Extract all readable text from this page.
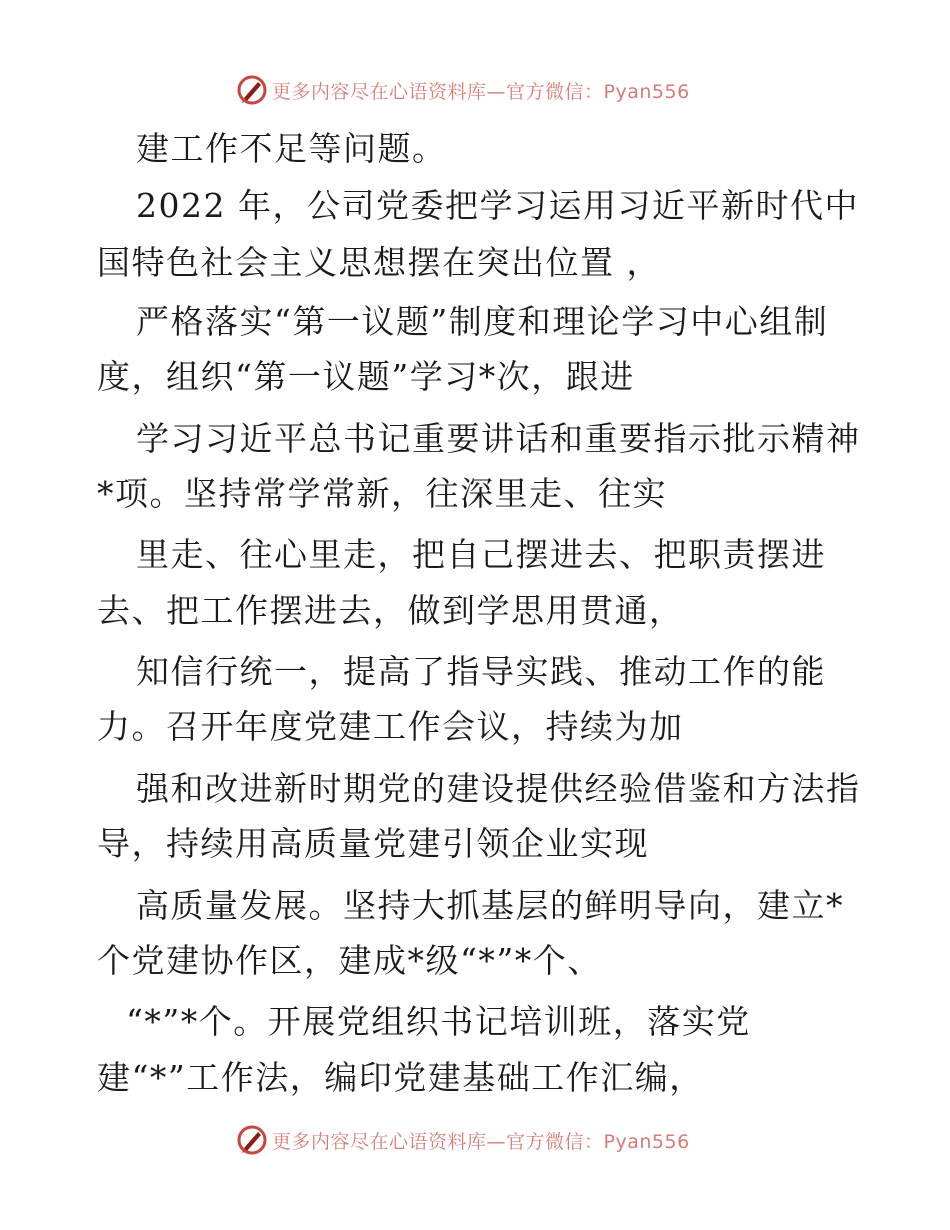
更多内容尽在心语资料库—官方微信：Pyan556

建工作不足等问题。

2022 年，公司党委把学习运用习近平新时代中

国特色社会主义思想摆在突出位置 ，

严格落实“第一议题”制度和理论学习中心组制

度，组织“第一议题”学习*次，跟进

学习习近平总书记重要讲话和重要指示批示精神

*项。坚持常学常新，往深里走、往实

里走、往心里走，把自己摆进去、把职责摆进

去、把工作摆进去，做到学思用贯通，

知信行统一，提高了指导实践、推动工作的能

力。召开年度党建工作会议，持续为加

强和改进新时期党的建设提供经验借鉴和方法指

导，持续用高质量党建引领企业实现

高质量发展。坚持大抓基层的鲜明导向，建立*

个党建协作区，建成*级“*”*个、

“*”*个。开展党组织书记培训班，落实党

建“*”工作法，编印党建基础工作汇编，

更多内容尽在心语资料库—官方微信：Pyan556
